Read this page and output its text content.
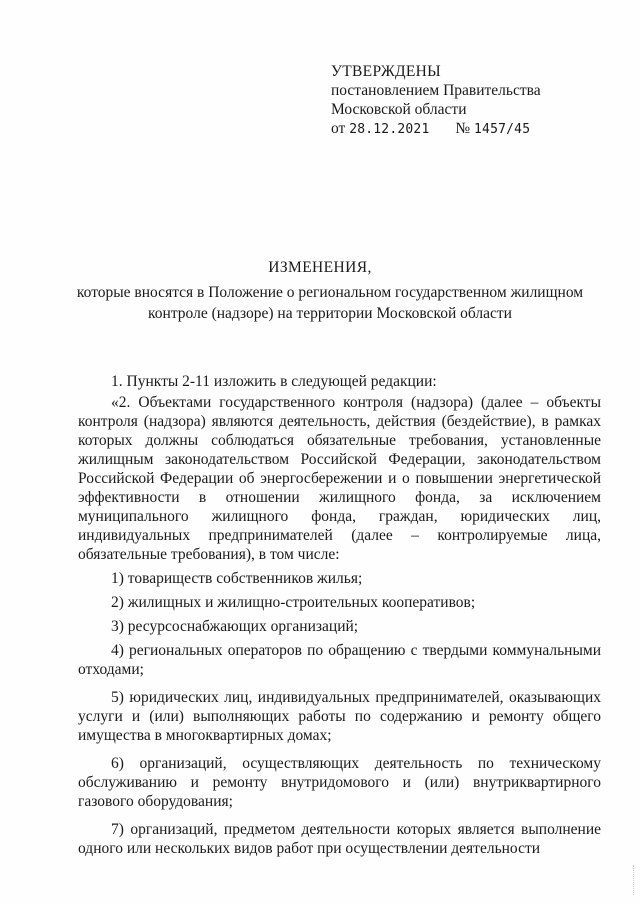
УТВЕРЖДЕНЫ
постановлением Правительства
Московской области
от 28.12.2021 № 1457/45
ИЗМЕНЕНИЯ,
которые вносятся в Положение о региональном государственном жилищном контроле (надзоре) на территории Московской области

1. Пункты 2-11 изложить в следующей редакции:

«2. Объектами государственного контроля (надзора) (далее – объекты контроля (надзора) являются деятельность, действия (бездействие), в рамках которых должны соблюдаться обязательные требования, установленные жилищным законодательством Российской Федерации, законодательством Российской Федерации об энергосбережении и о повышении энергетической эффективности в отношении жилищного фонда, за исключением муниципального жилищного фонда, граждан, юридических лиц, индивидуальных предпринимателей (далее – контролируемые лица, обязательные требования), в том числе:

1) товариществ собственников жилья;

2) жилищных и жилищно-строительных кооперативов;

3) ресурсоснабжающих организаций;

4) региональных операторов по обращению с твердыми коммунальными отходами;

5) юридических лиц, индивидуальных предпринимателей, оказывающих услуги и (или) выполняющих работы по содержанию и ремонту общего имущества в многоквартирных домах;

6) организаций, осуществляющих деятельность по техническому обслуживанию и ремонту внутридомового и (или) внутриквартирного газового оборудования;

7) организаций, предметом деятельности которых является выполнение одного или нескольких видов работ при осуществлении деятельности
